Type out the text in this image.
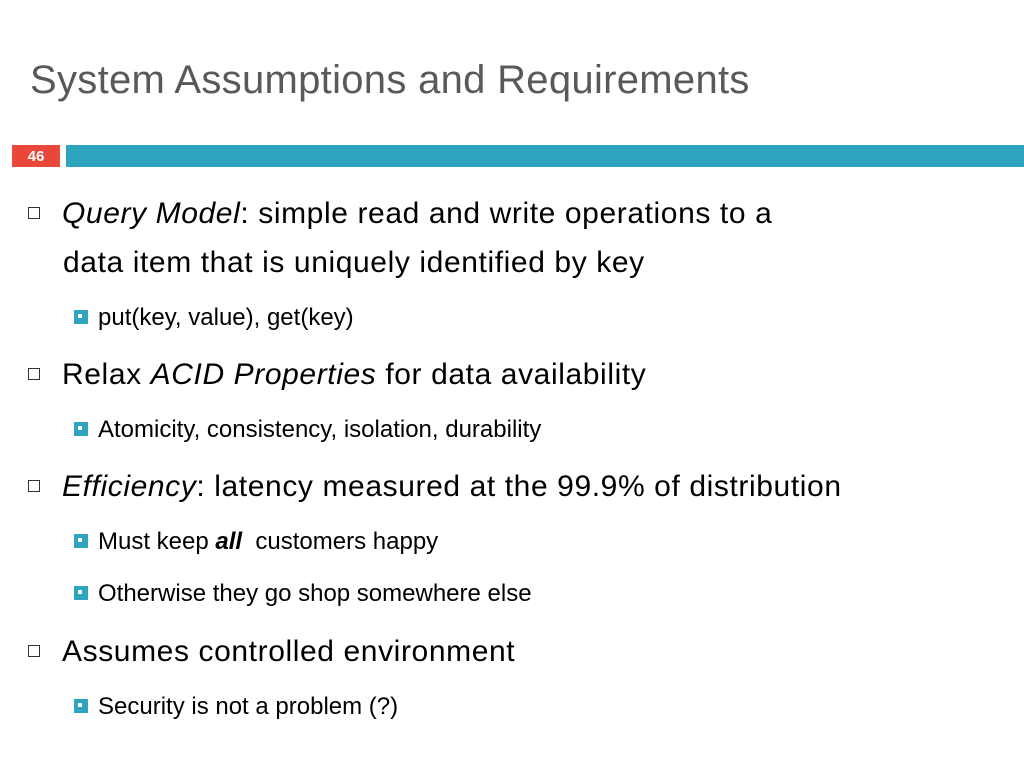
System Assumptions and Requirements
46
Query Model: simple read and write operations to a
data item that is uniquely identified by key
put(key, value), get(key)
Relax ACID Properties for data availability
Atomicity, consistency, isolation, durability
Efficiency: latency measured at the 99.9% of distribution
Must keep all  customers happy
Otherwise they go shop somewhere else
Assumes controlled environment
Security is not a problem (?)
